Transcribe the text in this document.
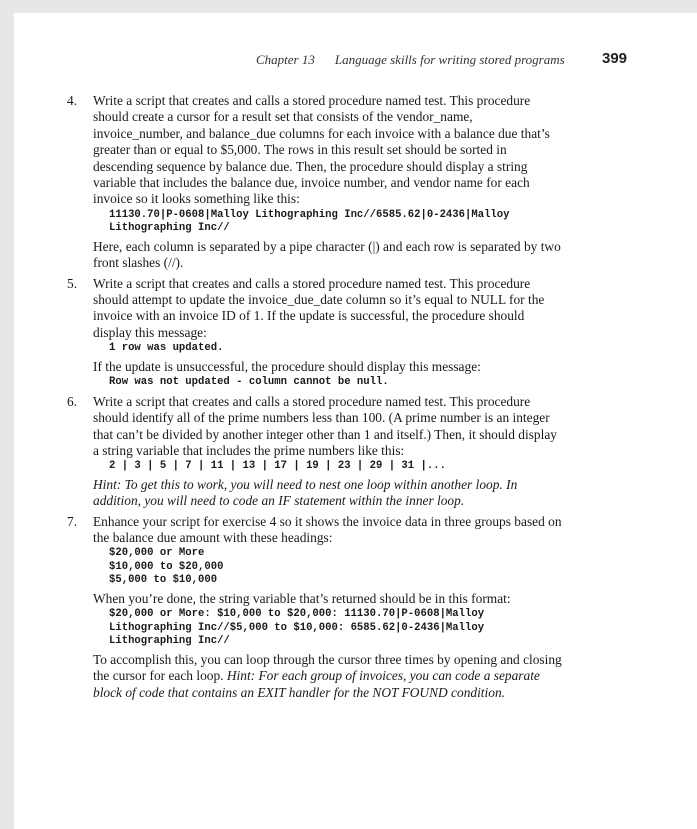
Chapter 13 Language skills for writing stored programs 399
4. Write a script that creates and calls a stored procedure named test. This procedure should create a cursor for a result set that consists of the vendor_name, invoice_number, and balance_due columns for each invoice with a balance due that’s greater than or equal to $5,000. The rows in this result set should be sorted in descending sequence by balance due. Then, the procedure should display a string variable that includes the balance due, invoice number, and vendor name for each invoice so it looks something like this:

11130.70|P-0608|Malloy Lithographing Inc//6585.62|0-2436|Malloy
Lithographing Inc//

Here, each column is separated by a pipe character (|) and each row is separated by two front slashes (//).

5. Write a script that creates and calls a stored procedure named test. This procedure should attempt to update the invoice_due_date column so it’s equal to NULL for the invoice with an invoice ID of 1. If the update is successful, the procedure should display this message:

1 row was updated.

If the update is unsuccessful, the procedure should display this message:

Row was not updated - column cannot be null.
6. Write a script that creates and calls a stored procedure named test. This procedure should identify all of the prime numbers less than 100. (A prime number is an integer that can’t be divided by another integer other than 1 and itself.) Then, it should display a string variable that includes the prime numbers like this:

2 | 3 | 5 | 7 | 11 | 13 | 17 | 19 | 23 | 29 | 31 |...

Hint: To get this to work, you will need to nest one loop within another loop. In addition, you will need to code an IF statement within the inner loop.

7. Enhance your script for exercise 4 so it shows the invoice data in three groups based on the balance due amount with these headings:

$20,000 or More
$10,000 to $20,000
$5,000 to $10,000

When you’re done, the string variable that’s returned should be in this format:

$20,000 or More: $10,000 to $20,000: 11130.70|P-0608|Malloy
Lithographing Inc//$5,000 to $10,000: 6585.62|0-2436|Malloy
Lithographing Inc//

To accomplish this, you can loop through the cursor three times by opening and closing the cursor for each loop. Hint: For each group of invoices, you can code a separate block of code that contains an EXIT handler for the NOT FOUND condition.
